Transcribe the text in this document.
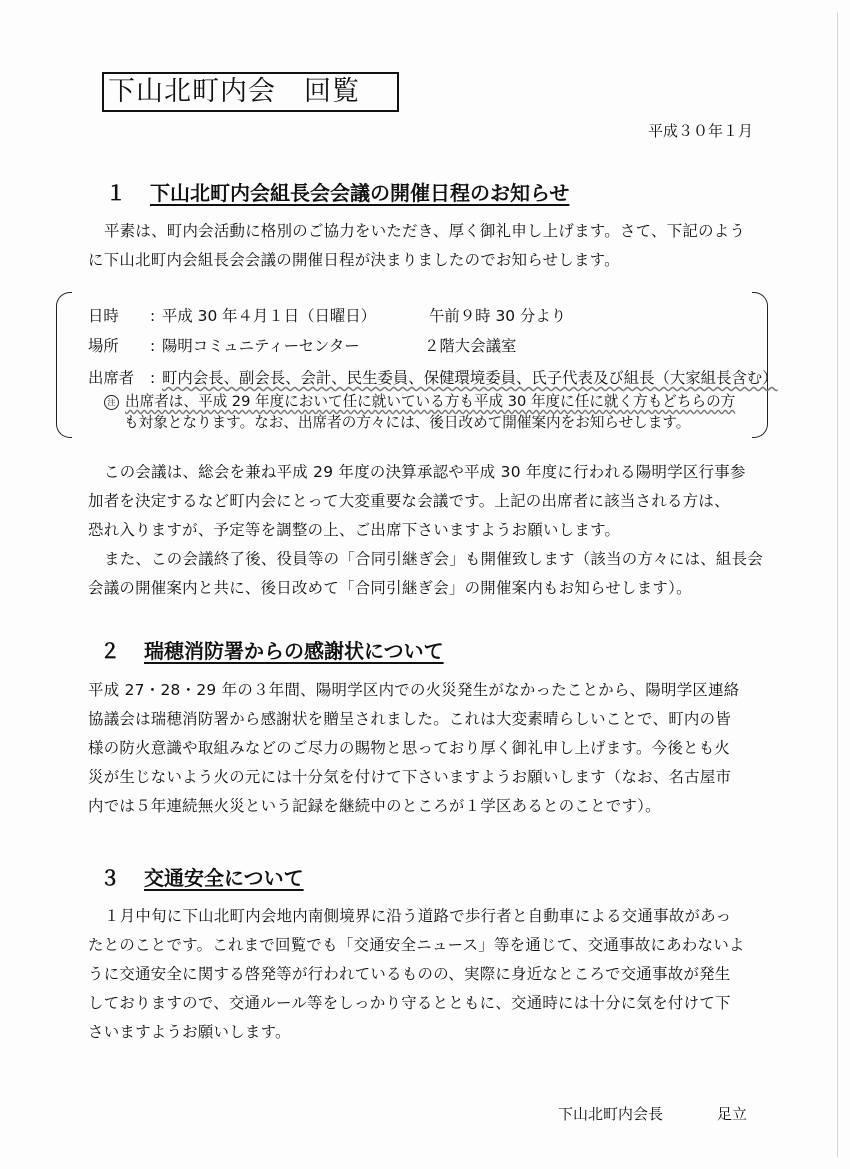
下山北町内会　回覧
平成３０年１月
１ 下山北町内会組長会会議の開催日程のお知らせ
平素は、町内会活動に格別のご協力をいただき、厚く御礼申し上げます。さて、下記のよう
に下山北町内会組長会会議の開催日程が決まりましたのでお知らせします。
日時 : 平成 30 年４月１日（日曜日）	午前９時 30 分より
場所 : 陽明コミュニティーセンター	２階大会議室
出席者 : 町内会長、副会長、会計、民生委員、保健環境委員、氏子代表及び組長（大家組長含む）
注 出席者は、平成 29 年度において任に就いている方も平成 30 年度に任に就く方もどちらの方
も対象となります。なお、出席者の方々には、後日改めて開催案内をお知らせします。
この会議は、総会を兼ね平成 29 年度の決算承認や平成 30 年度に行われる陽明学区行事参
加者を決定するなど町内会にとって大変重要な会議です。上記の出席者に該当される方は、
恐れ入りますが、予定等を調整の上、ご出席下さいますようお願いします。
また、この会議終了後、役員等の「合同引継ぎ会」も開催致します（該当の方々には、組長会
会議の開催案内と共に、後日改めて「合同引継ぎ会」の開催案内もお知らせします）。
２ 瑞穂消防署からの感謝状について
平成 27・28・29 年の３年間、陽明学区内での火災発生がなかったことから、陽明学区連絡
協議会は瑞穂消防署から感謝状を贈呈されました。これは大変素晴らしいことで、町内の皆
様の防火意識や取組みなどのご尽力の賜物と思っており厚く御礼申し上げます。今後とも火
災が生じないよう火の元には十分気を付けて下さいますようお願いします（なお、名古屋市
内では５年連続無火災という記録を継続中のところが１学区あるとのことです）。
３ 交通安全について
１月中旬に下山北町内会地内南側境界に沿う道路で歩行者と自動車による交通事故があっ
たとのことです。これまで回覧でも「交通安全ニュース」等を通じて、交通事故にあわないよ
うに交通安全に関する啓発等が行われているものの、実際に身近なところで交通事故が発生
しておりますので、交通ルール等をしっかり守るとともに、交通時には十分に気を付けて下
さいますようお願いします。
下山北町内会長	足立
